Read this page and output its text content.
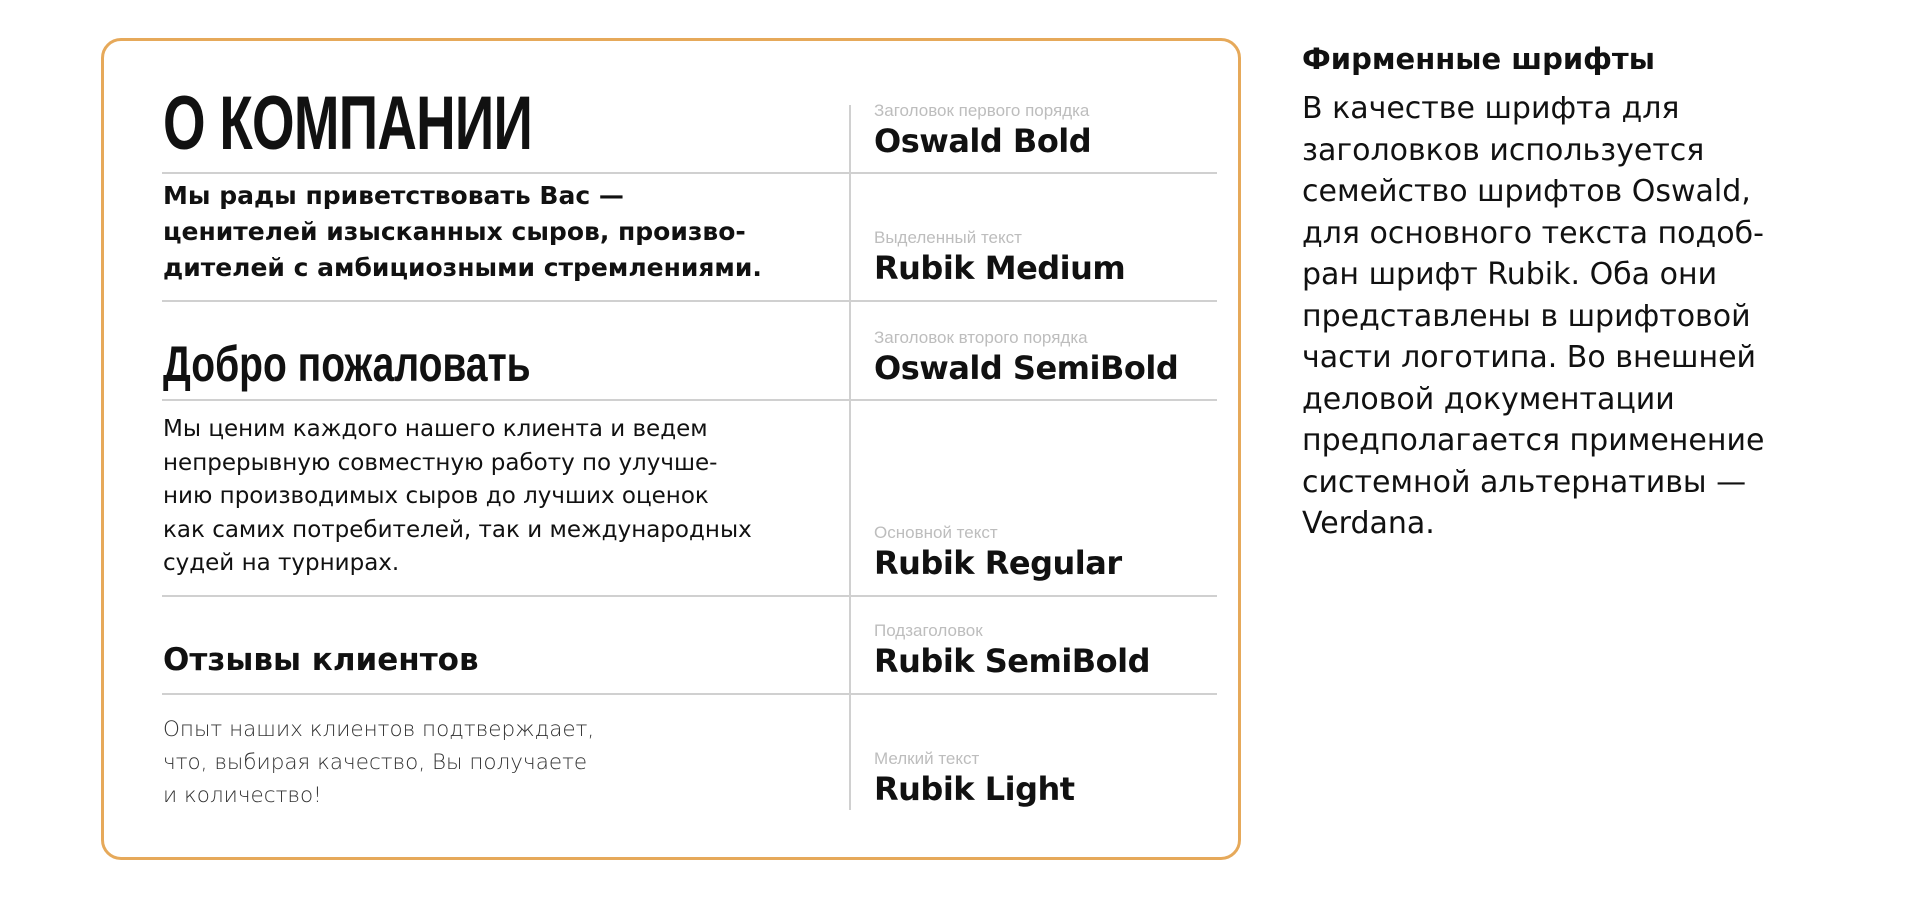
О КОМПАНИИ

Мы рады приветствовать Вас —
ценителей изысканных сыров, произво-
дителей с амбициозными стремлениями.

Добро пожаловать

Мы ценим каждого нашего клиента и ведем
непрерывную совместную работу по улучше-
нию производимых сыров до лучших оценок
как самих потребителей, так и международных
судей на турнирах.

Отзывы клиентов

Опыт наших клиентов подтверждает,
что, выбирая качество, Вы получаете
и количество!

Заголовок первого порядка
Oswald Bold
Выделенный текст
Rubik Medium
Заголовок второго порядка
Oswald SemiBold
Основной текст
Rubik Regular
Подзаголовок
Rubik SemiBold
Мелкий текст
Rubik Light
Фирменные шрифты

В качестве шрифта для
заголовков используется
семейство шрифтов Oswald,
для основного текста подоб-
ран шрифт Rubik. Оба они
представлены в шрифтовой
части логотипа. Во внешней
деловой документации
предполагается применение
системной альтернативы —
Verdana.
